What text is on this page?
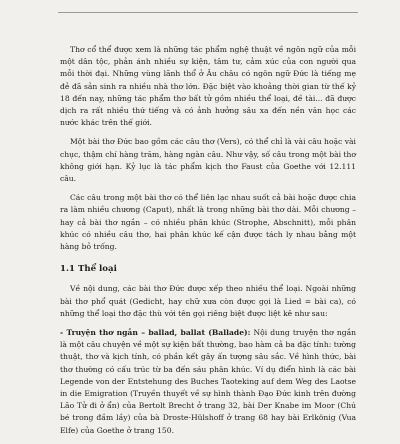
Thơ cổ thể được xem là những tác phẩm nghệ thuật về ngôn ngữ của mỗi một dân tộc, phản ánh nhiều sự kiện, tâm tư, cảm xúc của con người qua mỗi thời đại. Những vùng lãnh thổ ở Âu châu có ngôn ngữ Đức là tiếng mẹ đẻ đã sản sinh ra nhiều nhà thơ lớn. Đặc biệt vào khoảng thời gian từ thế kỷ 18 đến nay, những tác phẩm thơ bất tử gồm nhiều thể loại, đề tài... đã được dịch ra rất nhiều thứ tiếng và có ảnh hưởng sâu xa đến nền văn học các nước khác trên thế giới.

Một bài thơ Đức bao gồm các câu thơ (Vers), có thể chỉ là vài câu hoặc vài chục, thậm chí hàng trăm, hàng ngàn câu. Như vậy, số câu trong một bài thơ không giới hạn. Kỷ lục là tác phẩm kịch thơ Faust của Goethe với 12.111 câu.

Các câu trong một bài thơ có thể liên lạc nhau suốt cả bài hoặc được chia ra làm nhiều chương (Caput), nhất là trong những bài thơ dài. Mỗi chương – hay cả bài thơ ngắn – có nhiều phân khúc (Strophe, Abschnitt), mỗi phân khúc có nhiều câu thơ, hai phân khúc kế cận được tách ly nhau bằng một hàng bỏ trống.

1.1 Thể loại

Về nội dung, các bài thơ Đức được xếp theo nhiều thể loại. Ngoài những bài thơ phổ quát (Gedicht, hay chữ xưa còn được gọi là Lied = bài ca), có những thể loại thơ đặc thù với tên gọi riêng biệt được liệt kê như sau:

- Truyện thơ ngắn – ballad, ballat (Ballade): Nội dung truyện thơ ngắn là một câu chuyện về một sự kiện bất thường, bao hàm cả ba đặc tính: tường thuật, thơ và kịch tính, có phần kết gây ấn tượng sâu sắc. Về hình thức, bài thơ thường có cấu trúc từ ba đến sáu phân khúc. Ví dụ điển hình là các bài Legende von der Entstehung des Buches Taoteking auf dem Weg des Laotse in die Emigration (Truyền thuyết về sự hình thành Đạo Đức kinh trên đường Lão Tử đi ở ẩn) của Bertolt Brecht ở trang 32, bài Der Knabe im Moor (Chú bé trong đầm lầy) của bà Droste-Hülshoff ở trang 68 hay bài Erlkönig (Vua Elfe) của Goethe ở trang 150.
